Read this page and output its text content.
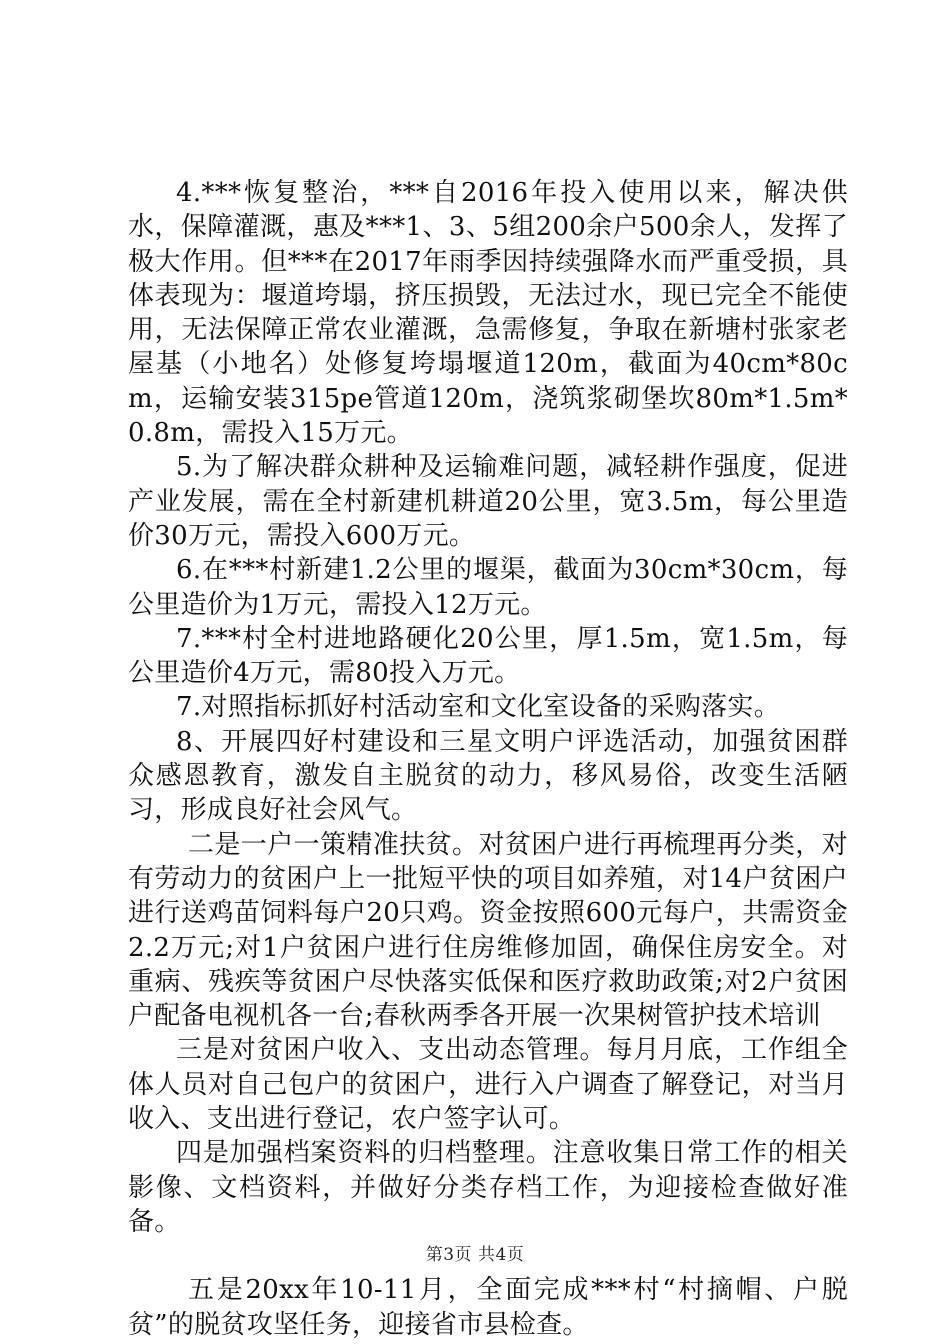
4.***恢复整治，***自2016年投入使用以来，解决供水，保障灌溉，惠及***1、3、5组200余户500余人，发挥了极大作用。但***在2017年雨季因持续强降水而严重受损，具体表现为：堰道垮塌，挤压损毁，无法过水，现已完全不能使用，无法保障正常农业灌溉，急需修复，争取在新塘村张家老屋基（小地名）处修复垮塌堰道120m，截面为40cm*80cm，运输安装315pe管道120m，浇筑浆砌堡坎80m*1.5m*0.8m，需投入15万元。

5.为了解决群众耕种及运输难问题，减轻耕作强度，促进产业发展，需在全村新建机耕道20公里，宽3.5m，每公里造价30万元，需投入600万元。

6.在***村新建1.2公里的堰渠，截面为30cm*30cm，每公里造价为1万元，需投入12万元。

7.***村全村进地路硬化20公里，厚1.5m，宽1.5m，每公里造价4万元，需80投入万元。

7.对照指标抓好村活动室和文化室设备的采购落实。

8、开展四好村建设和三星文明户评选活动，加强贫困群众感恩教育，激发自主脱贫的动力，移风易俗，改变生活陋习，形成良好社会风气。

二是一户一策精准扶贫。对贫困户进行再梳理再分类，对有劳动力的贫困户上一批短平快的项目如养殖，对14户贫困户进行送鸡苗饲料每户20只鸡。资金按照600元每户，共需资金2.2万元;对1户贫困户进行住房维修加固，确保住房安全。对重病、残疾等贫困户尽快落实低保和医疗救助政策;对2户贫困户配备电视机各一台;春秋两季各开展一次果树管护技术培训

三是对贫困户收入、支出动态管理。每月月底，工作组全体人员对自己包户的贫困户，进行入户调查了解登记，对当月收入、支出进行登记，农户签字认可。

四是加强档案资料的归档整理。注意收集日常工作的相关影像、文档资料，并做好分类存档工作，为迎接检查做好准备。

五是20xx年10-11月，全面完成***村“村摘帽、户脱贫”的脱贫攻坚任务，迎接省市县检查。

第3页 共4页
